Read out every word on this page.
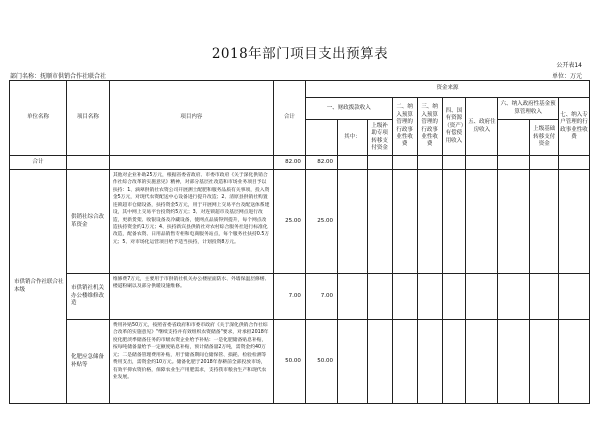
2018年部门项目支出预算表
公开表14
部门名称：抚顺市供销合作社联合社	单位：万元
单位名称	项目名称	项目内容	合计	资金来源									
				一、财政拨款收入			二、纳入预算管理的行政事业性收费	三、纳入预算管理的行政事业性收费	四、国有资源（资产）有偿使用收入	五、政府住房收入	六、纳入政府性基金预算管理收入		七、纳入专户管理的行政事业性收费
					其中：	上级补助专项转移支付资金						上级基础转移支付资金	

合计			82.00	82.00									
市供销合作社联合社本级	供销社综合改革资金	其他对企业补助25万元，根据省委省政府、市委市政府《关于深化供销合作社综合改革的实施意见》精神，对部分基层社改造和市场业务项目予以扶持：1、滴翠供销社农资公司开展测土配肥和服务品质有关事项，投入资金5万元，对现代农资配送中心设备进行提升改造；2、清原县供销社购置连锁超市仓储设备，扶持资金5万元，用于开展网上交易平台及配送体系建设，其中网上交易平台投资约5万元；3、对连锁超市及基层网点进行改造，更新货架、收银设备及冷藏设备，使网点品质得到提升，每个网点改造扶持资金约1万元；4、扶持新宾县供销社对农村综合服务社进行标准化改造，配备农资、日用品销售专柜和电商服务站点，每个服务社扶持0.5万元；5、对市场化运营项目给予适当扶持，计划投资8万元。	25.00	25.00									
	市供销社机关办公楼维修改造	维修费7万元，主要用于市供销社机关办公楼屋面防水、外墙保温层修缮、楼道粉刷以及部分供暖设施维修。	7.00	7.00									
	化肥应急储备补贴等	费用补贴50万元，按照省委省政府和市委市政府《关于深化供销合作社综合改革的实施意见》"继续支持并有效组织农资储备"要求，对承担2018年度化肥淡季储备任务的市级农资企业给予补贴：一是化肥储备贴息补贴，按每吨储备量给予一定额度贴息补贴，预计储备量2万吨，需资金约40万元；二是储备管理费用补贴，用于储备期间仓储保管、损耗、检验检测等费用支出，需资金约10万元。储备化肥于2018年春耕前全部投放市场，有效平抑农资价格，保障农业生产用肥需求，支持我市粮食生产和现代农业发展。	50.00	50.00									
